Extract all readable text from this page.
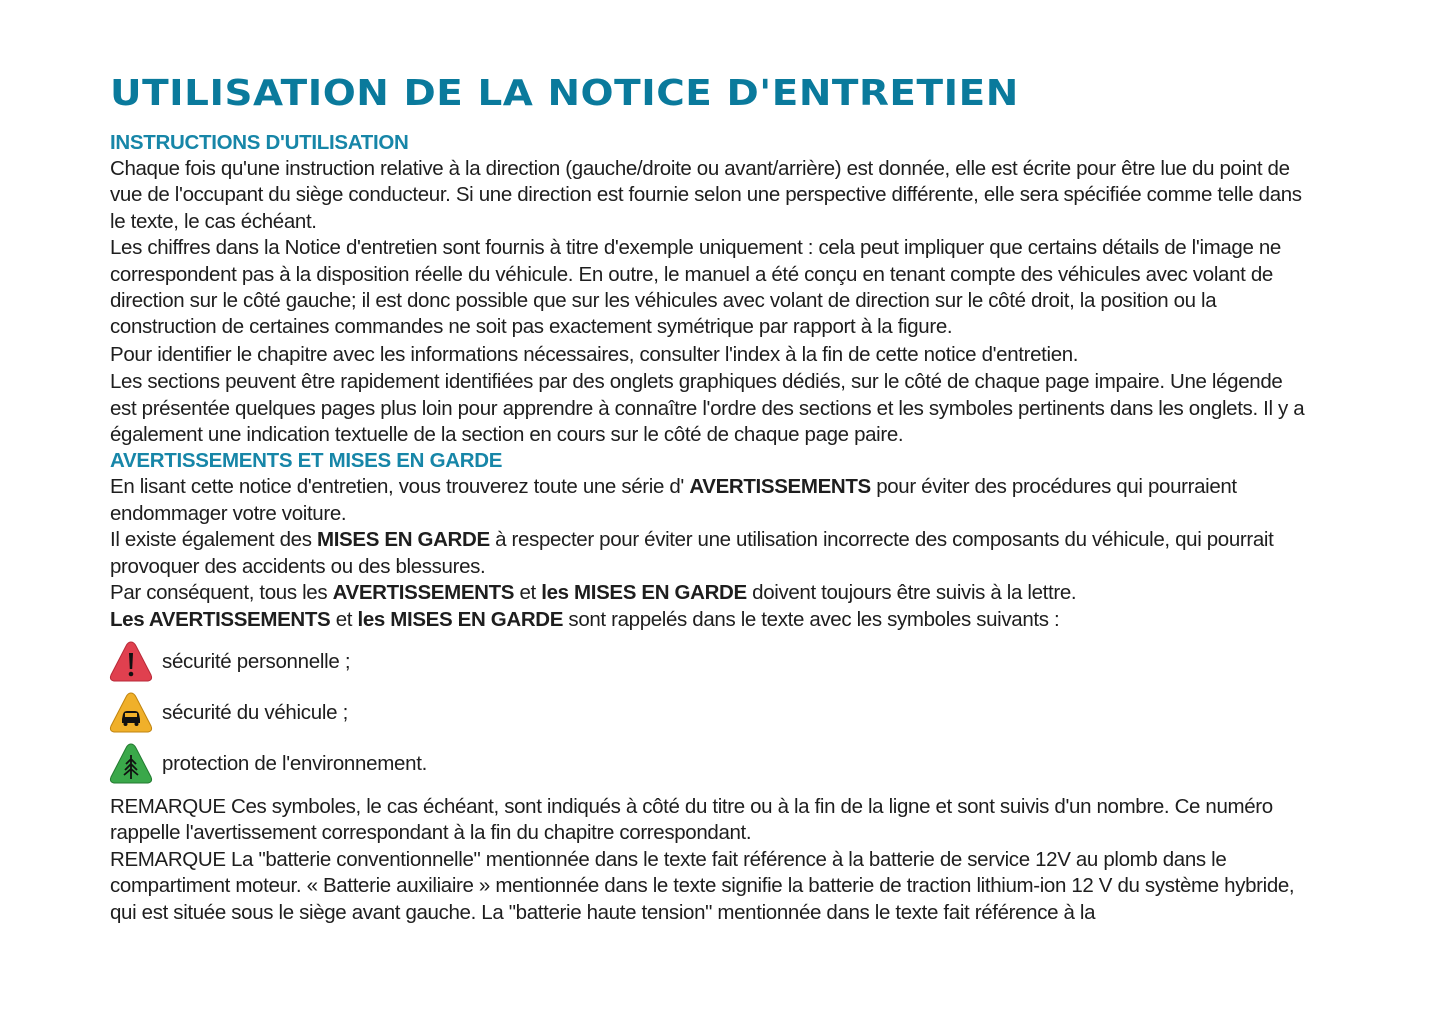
UTILISATION DE LA NOTICE D'ENTRETIEN
INSTRUCTIONS D'UTILISATION

Chaque fois qu'une instruction relative à la direction (gauche/droite ou avant/arrière) est donnée, elle est écrite pour être lue du point de vue de l'occupant du siège conducteur. Si une direction est fournie selon une perspective différente, elle sera spécifiée comme telle dans le texte, le cas échéant.

Les chiffres dans la Notice d'entretien sont fournis à titre d'exemple uniquement : cela peut impliquer que certains détails de l'image ne correspondent pas à la disposition réelle du véhicule. En outre, le manuel a été conçu en tenant compte des véhicules avec volant de direction sur le côté gauche; il est donc possible que sur les véhicules avec volant de direction sur le côté droit, la position ou la construction de certaines commandes ne soit pas exactement symétrique par rapport à la figure.

Pour identifier le chapitre avec les informations nécessaires, consulter l'index à la fin de cette notice d'entretien.

Les sections peuvent être rapidement identifiées par des onglets graphiques dédiés, sur le côté de chaque page impaire. Une légende est présentée quelques pages plus loin pour apprendre à connaître l'ordre des sections et les symboles pertinents dans les onglets. Il y a également une indication textuelle de la section en cours sur le côté de chaque page paire.

AVERTISSEMENTS ET MISES EN GARDE

En lisant cette notice d'entretien, vous trouverez toute une série d' AVERTISSEMENTS pour éviter des procédures qui pourraient endommager votre voiture.

Il existe également des MISES EN GARDE à respecter pour éviter une utilisation incorrecte des composants du véhicule, qui pourrait provoquer des accidents ou des blessures.

Par conséquent, tous les AVERTISSEMENTS et les MISES EN GARDE doivent toujours être suivis à la lettre.

Les AVERTISSEMENTS et les MISES EN GARDE sont rappelés dans le texte avec les symboles suivants :

sécurité personnelle ;
sécurité du véhicule ;
protection de l'environnement.

REMARQUE Ces symboles, le cas échéant, sont indiqués à côté du titre ou à la fin de la ligne et sont suivis d'un nombre. Ce numéro rappelle l'avertissement correspondant à la fin du chapitre correspondant.

REMARQUE La "batterie conventionnelle" mentionnée dans le texte fait référence à la batterie de service 12V au plomb dans le compartiment moteur. « Batterie auxiliaire » mentionnée dans le texte signifie la batterie de traction lithium-ion 12 V du système hybride, qui est située sous le siège avant gauche. La "batterie haute tension" mentionnée dans le texte fait référence à la
